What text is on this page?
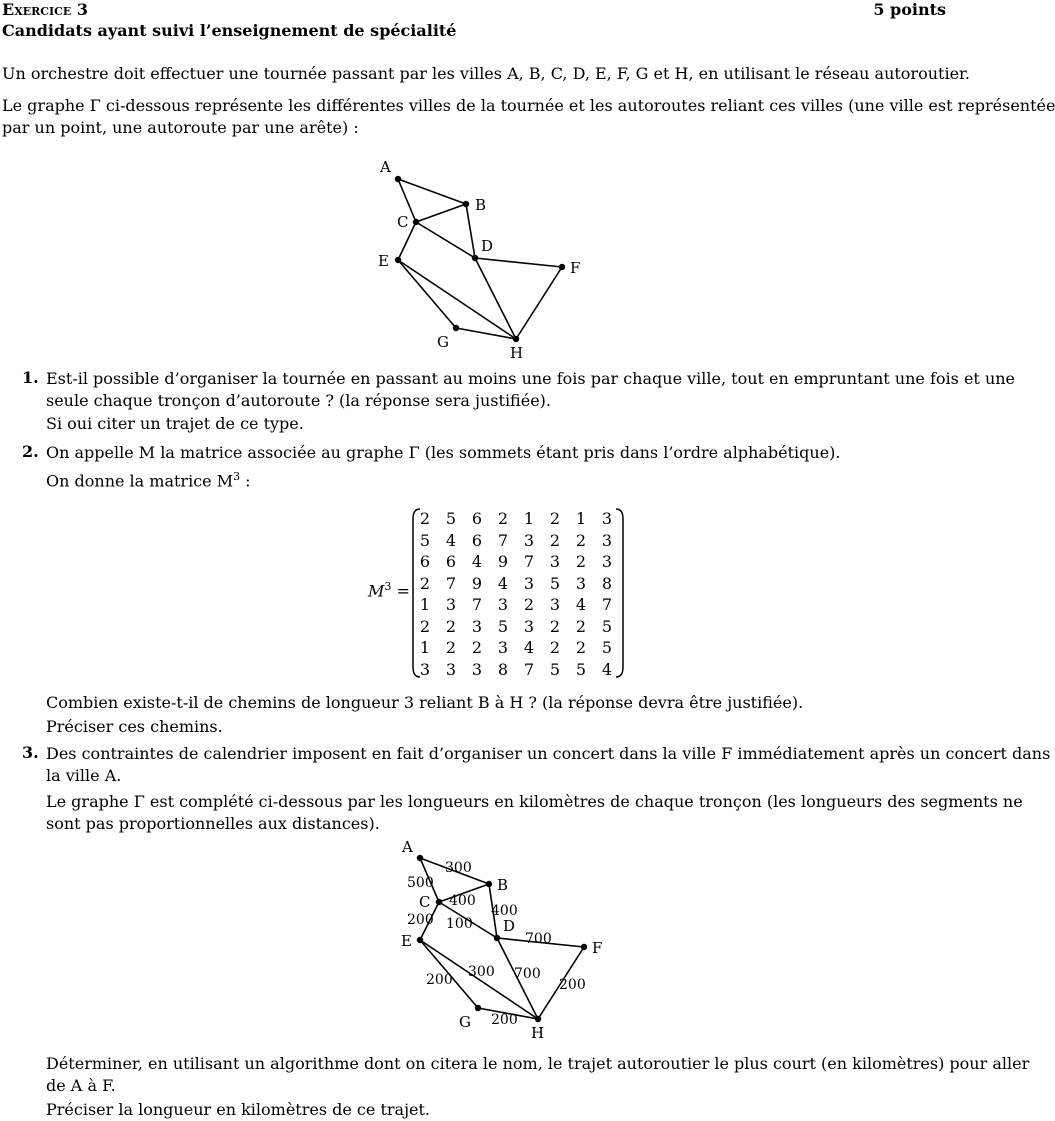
Exercice 3	5 points
Candidats ayant suivi l’enseignement de spécialité
Un orchestre doit effectuer une tournée passant par les villes A, B, C, D, E, F, G et H, en utilisant le réseau autoroutier.
Le graphe Γ ci-dessous représente les différentes villes de la tournée et les autoroutes reliant ces villes (une ville est représentée
par un point, une autoroute par une arête) :
A
B
C
D
E	F
G
H
A
B
C
D
E	F
G
H
300
500
400
400
100
200
700
700
300
200
200
200
1. Est-il possible d’organiser la tournée en passant au moins une fois par chaque ville, tout en empruntant une fois et une
seule chaque tronçon d’autoroute ? (la réponse sera justifiée).
Si oui citer un trajet de ce type.
2. On appelle M la matrice associée au graphe Γ (les sommets étant pris dans l’ordre alphabétique).
On donne la matrice $M^3$ :
$M^3$ =
2	5	6	2	1	2	1	3
5	4	6	7	3	2	2	3
6	6	4	9	7	3	2	3
2	7	9	4	3	5	3	8
1	3	7	3	2	3	4	7
2	2	3	5	3	2	2	5
1	2	2	3	4	2	2	5
3	3	3	8	7	5	5	4
Combien existe-t-il de chemins de longueur 3 reliant B à H ? (la réponse devra être justifiée).
Préciser ces chemins.
3. Des contraintes de calendrier imposent en fait d’organiser un concert dans la ville F immédiatement après un concert dans
la ville A.
Le graphe Γ est complété ci-dessous par les longueurs en kilomètres de chaque tronçon (les longueurs des segments ne
sont pas proportionnelles aux distances).
Déterminer, en utilisant un algorithme dont on citera le nom, le trajet autoroutier le plus court (en kilomètres) pour aller
de A à F.
Préciser la longueur en kilomètres de ce trajet.
